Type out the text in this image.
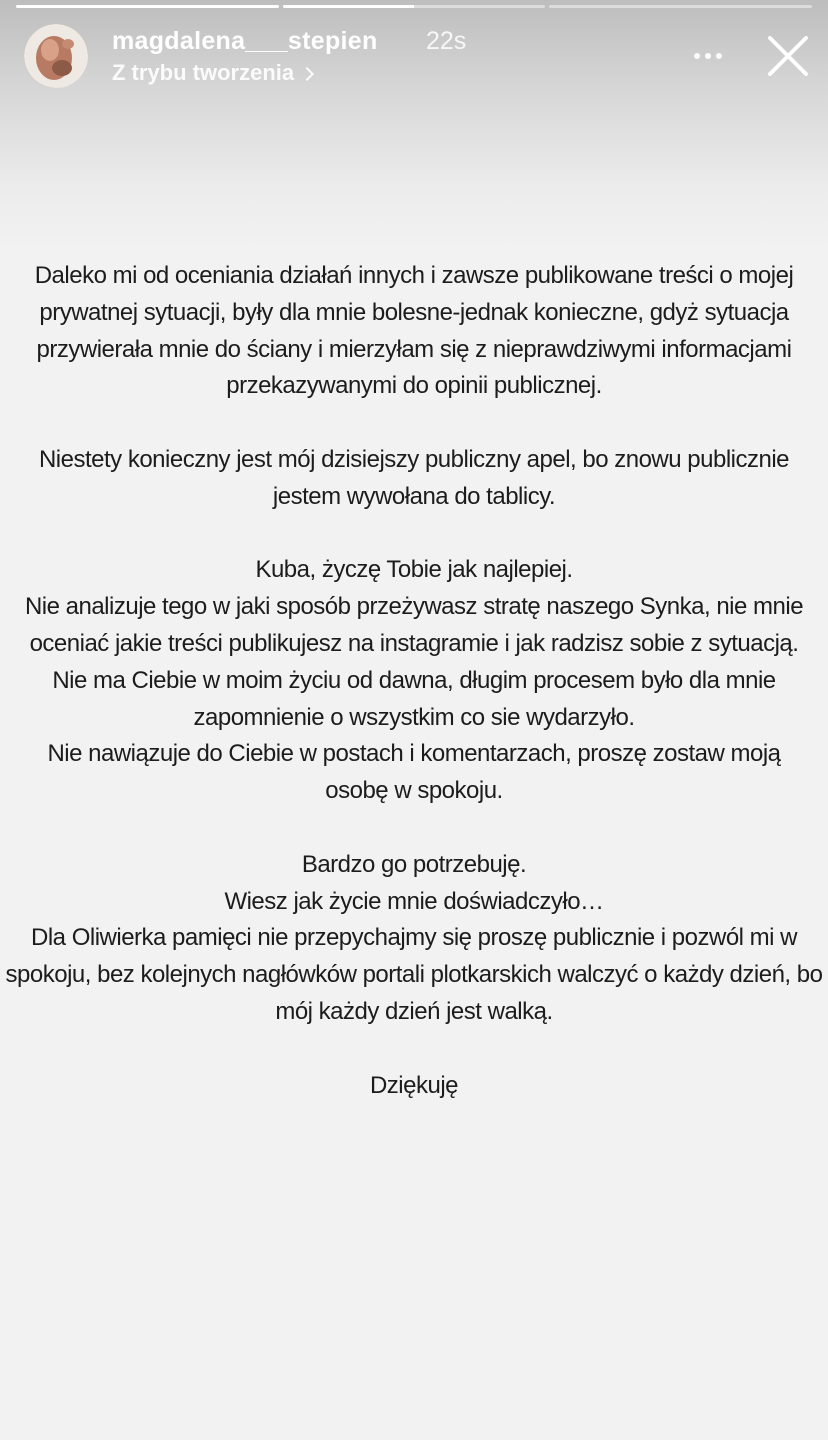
magdalena___stepien 22s
Z trybu tworzenia

Daleko mi od oceniania działań innych i zawsze publikowane treści o mojej prywatnej sytuacji, były dla mnie bolesne-jednak konieczne, gdyż sytuacja przywierała mnie do ściany i mierzyłam się z nieprawdziwymi informacjami przekazywanymi do opinii publicznej.

Niestety konieczny jest mój dzisiejszy publiczny apel, bo znowu publicznie jestem wywołana do tablicy.

Kuba, życzę Tobie jak najlepiej.

Nie analizuje tego w jaki sposób przeżywasz stratę naszego Synka, nie mnie oceniać jakie treści publikujesz na instagramie i jak radzisz sobie z sytuacją.

Nie ma Ciebie w moim życiu od dawna, długim procesem było dla mnie zapomnienie o wszystkim co sie wydarzyło.

Nie nawiązuje do Ciebie w postach i komentarzach, proszę zostaw moją osobę w spokoju.

Bardzo go potrzebuję.

Wiesz jak życie mnie doświadczyło…

Dla Oliwierka pamięci nie przepychajmy się proszę publicznie i pozwól mi w spokoju, bez kolejnych nagłówków portali plotkarskich walczyć o każdy dzień, bo mój każdy dzień jest walką.

Dziękuję
